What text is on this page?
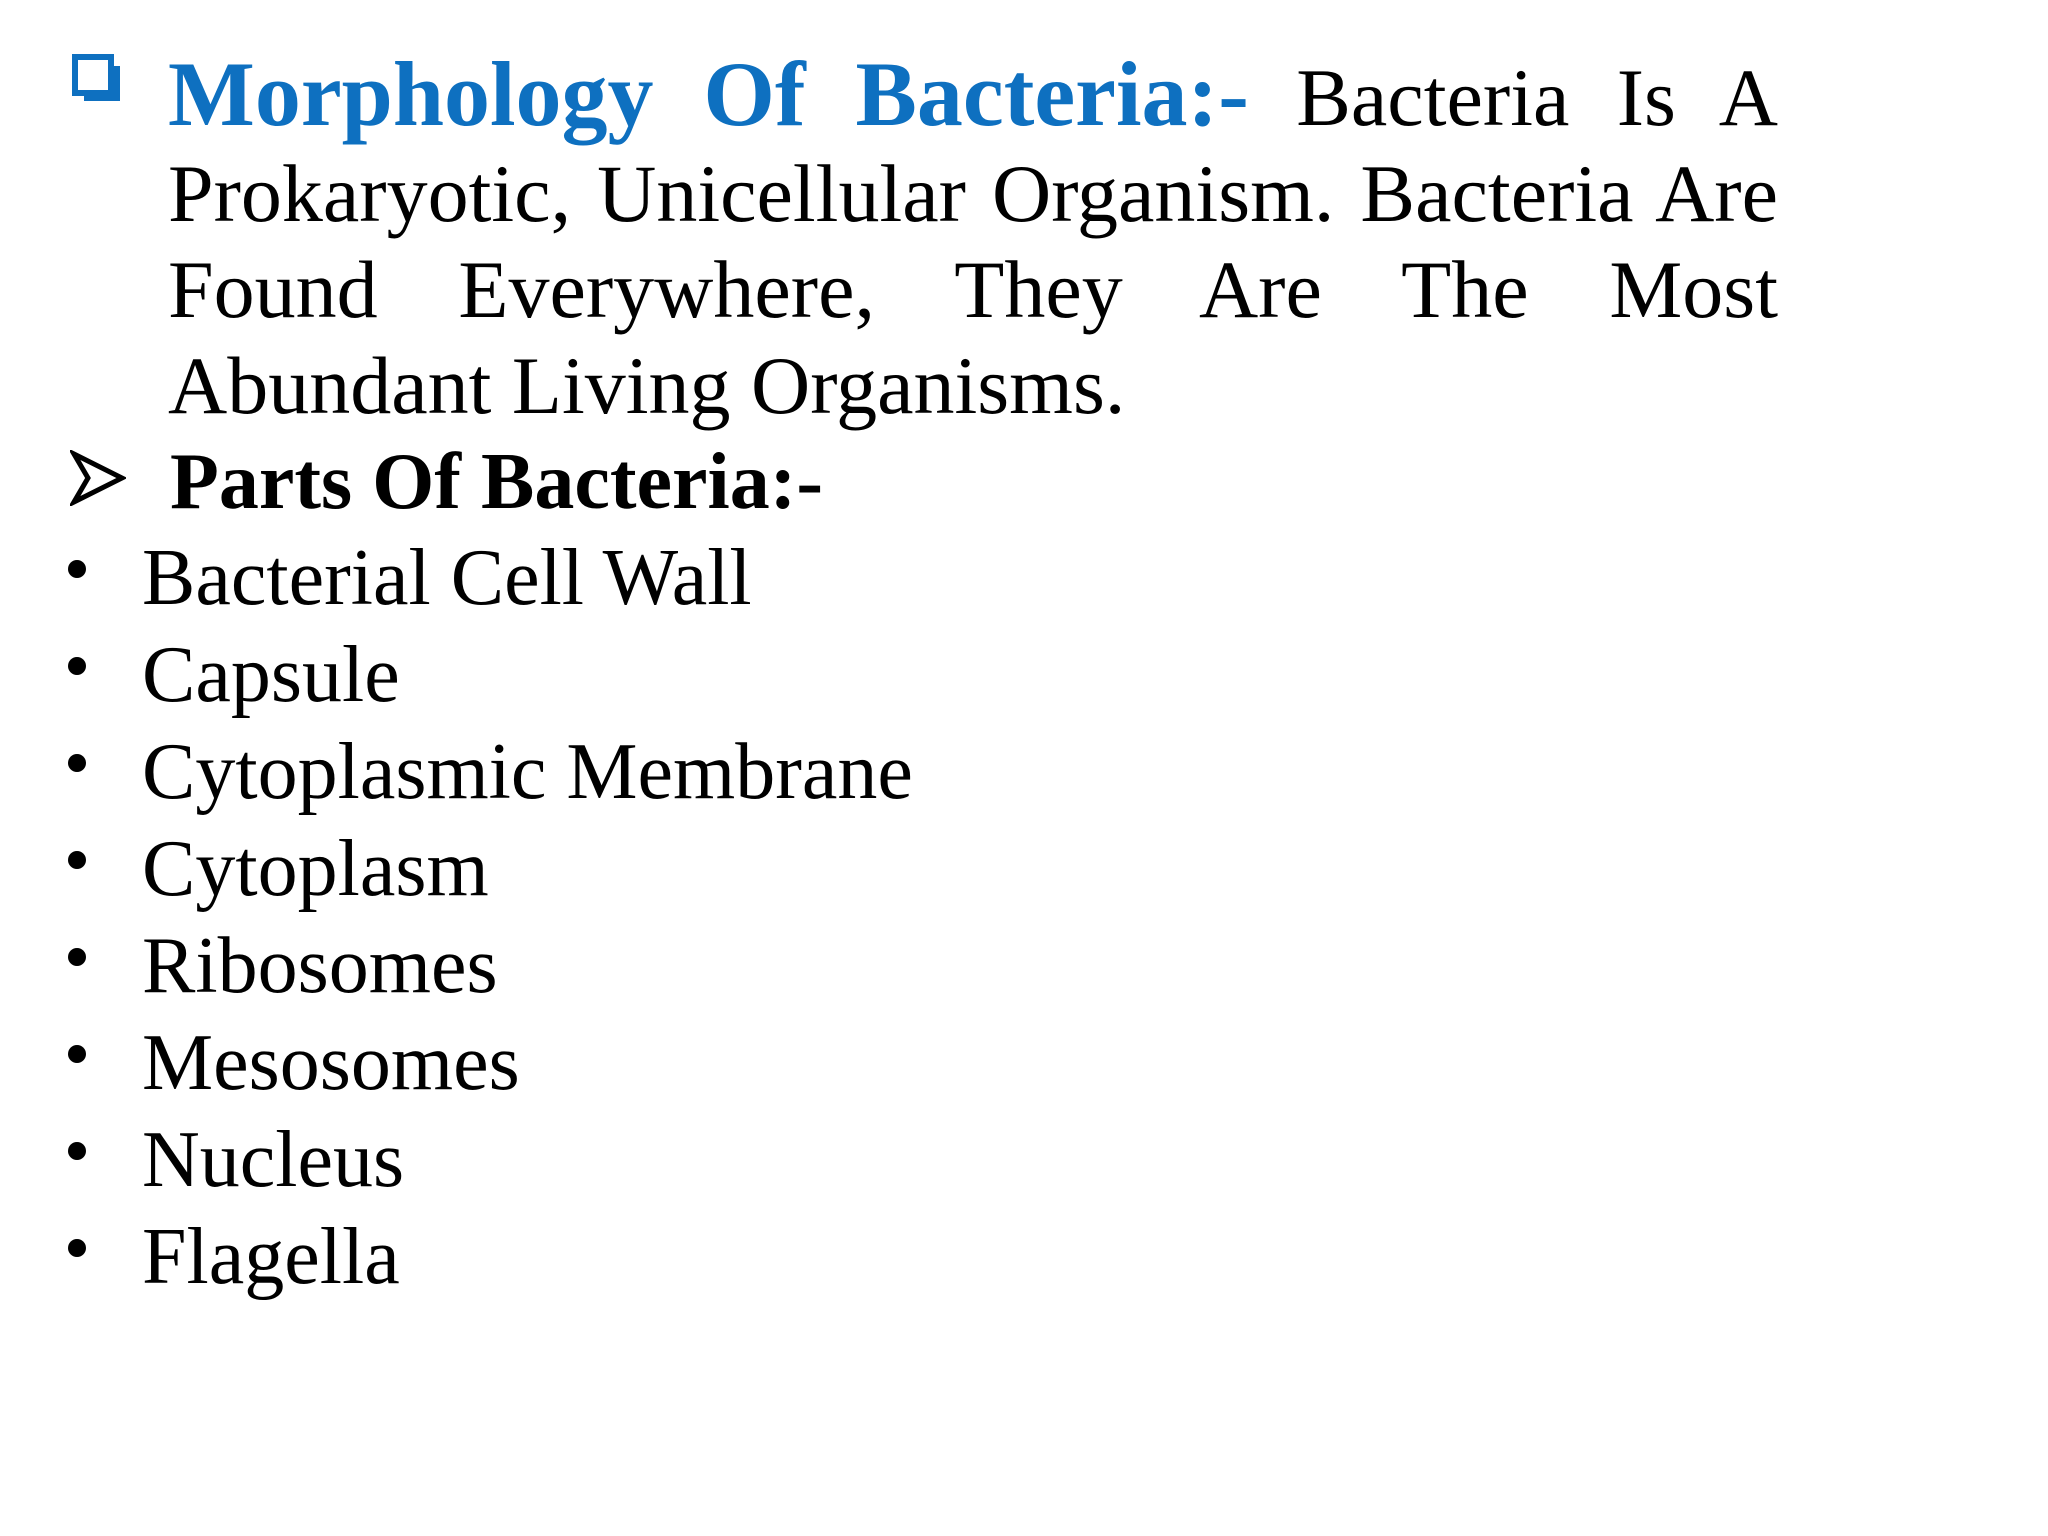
Morphology Of Bacteria:- Bacteria Is A Prokaryotic, Unicellular Organism. Bacteria Are Found Everywhere, They Are The Most Abundant Living Organisms.
Parts Of Bacteria:-
Bacterial Cell Wall
Capsule
Cytoplasmic Membrane
Cytoplasm
Ribosomes
Mesosomes
Nucleus
Flagella
